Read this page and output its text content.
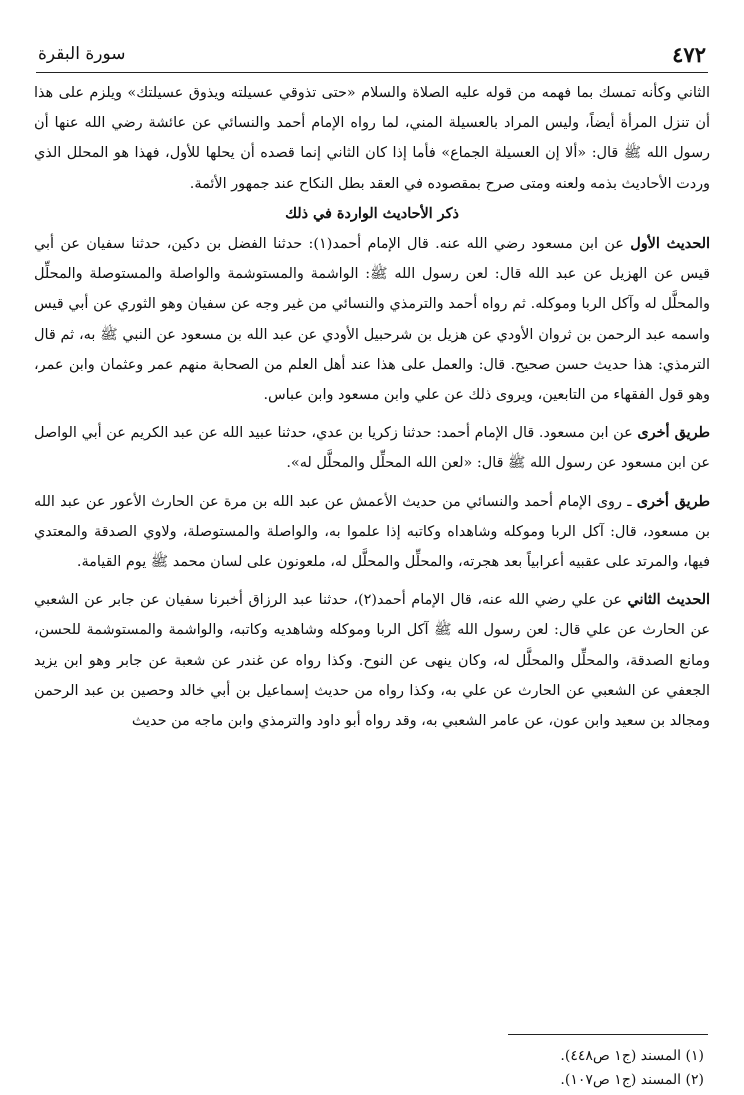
٤٧٢
سورة البقرة

الثاني وكأنه تمسك بما فهمه من قوله عليه الصلاة والسلام «حتى تذوقي عسيلته ويذوق عسيلتك» ويلزم على هذا أن تنزل المرأة أيضاً، وليس المراد بالعسيلة المني، لما رواه الإمام أحمد والنسائي عن عائشة رضي الله عنها أن رسول الله ﷺ قال: «ألا إن العسيلة الجماع» فأما إذا كان الثاني إنما قصده أن يحلها للأول، فهذا هو المحلل الذي وردت الأحاديث بذمه ولعنه ومتى صرح بمقصوده في العقد بطل النكاح عند جمهور الأئمة.

ذكر الأحاديث الواردة في ذلك

الحديث الأول عن ابن مسعود رضي الله عنه. قال الإمام أحمد(١): حدثنا الفضل بن دكين، حدثنا سفيان عن أبي قيس عن الهزيل عن عبد الله قال: لعن رسول الله ﷺ: الواشمة والمستوشمة والواصلة والمستوصلة والمحلِّل والمحلَّل له وآكل الربا وموكله. ثم رواه أحمد والترمذي والنسائي من غير وجه عن سفيان وهو الثوري عن أبي قيس واسمه عبد الرحمن بن ثروان الأودي عن هزيل بن شرحبيل الأودي عن عبد الله بن مسعود عن النبي ﷺ به، ثم قال الترمذي: هذا حديث حسن صحيح. قال: والعمل على هذا عند أهل العلم من الصحابة منهم عمر وعثمان وابن عمر، وهو قول الفقهاء من التابعين، ويروى ذلك عن علي وابن مسعود وابن عباس.

طريق أخرى عن ابن مسعود. قال الإمام أحمد: حدثنا زكريا بن عدي، حدثنا عبيد الله عن عبد الكريم عن أبي الواصل عن ابن مسعود عن رسول الله ﷺ قال: «لعن الله المحلِّل والمحلَّل له».

طريق أخرى ـ روى الإمام أحمد والنسائي من حديث الأعمش عن عبد الله بن مرة عن الحارث الأعور عن عبد الله بن مسعود، قال: آكل الربا وموكله وشاهداه وكاتبه إذا علموا به، والواصلة والمستوصلة، ولاوي الصدقة والمعتدي فيها، والمرتد على عقبيه أعرابياً بعد هجرته، والمحلِّل والمحلَّل له، ملعونون على لسان محمد ﷺ يوم القيامة.

الحديث الثاني عن علي رضي الله عنه، قال الإمام أحمد(٢)، حدثنا عبد الرزاق أخبرنا سفيان عن جابر عن الشعبي عن الحارث عن علي قال: لعن رسول الله ﷺ آكل الربا وموكله وشاهديه وكاتبه، والواشمة والمستوشمة للحسن، ومانع الصدقة، والمحلِّل والمحلَّل له، وكان ينهى عن النوح. وكذا رواه عن غندر عن شعبة عن جابر وهو ابن يزيد الجعفي عن الشعبي عن الحارث عن علي به، وكذا رواه من حديث إسماعيل بن أبي خالد وحصين بن عبد الرحمن ومجالد بن سعيد وابن عون، عن عامر الشعبي به، وقد رواه أبو داود والترمذي وابن ماجه من حديث

(١) المسند (ج١ ص٤٤٨).
(٢) المسند (ج١ ص١٠٧).
